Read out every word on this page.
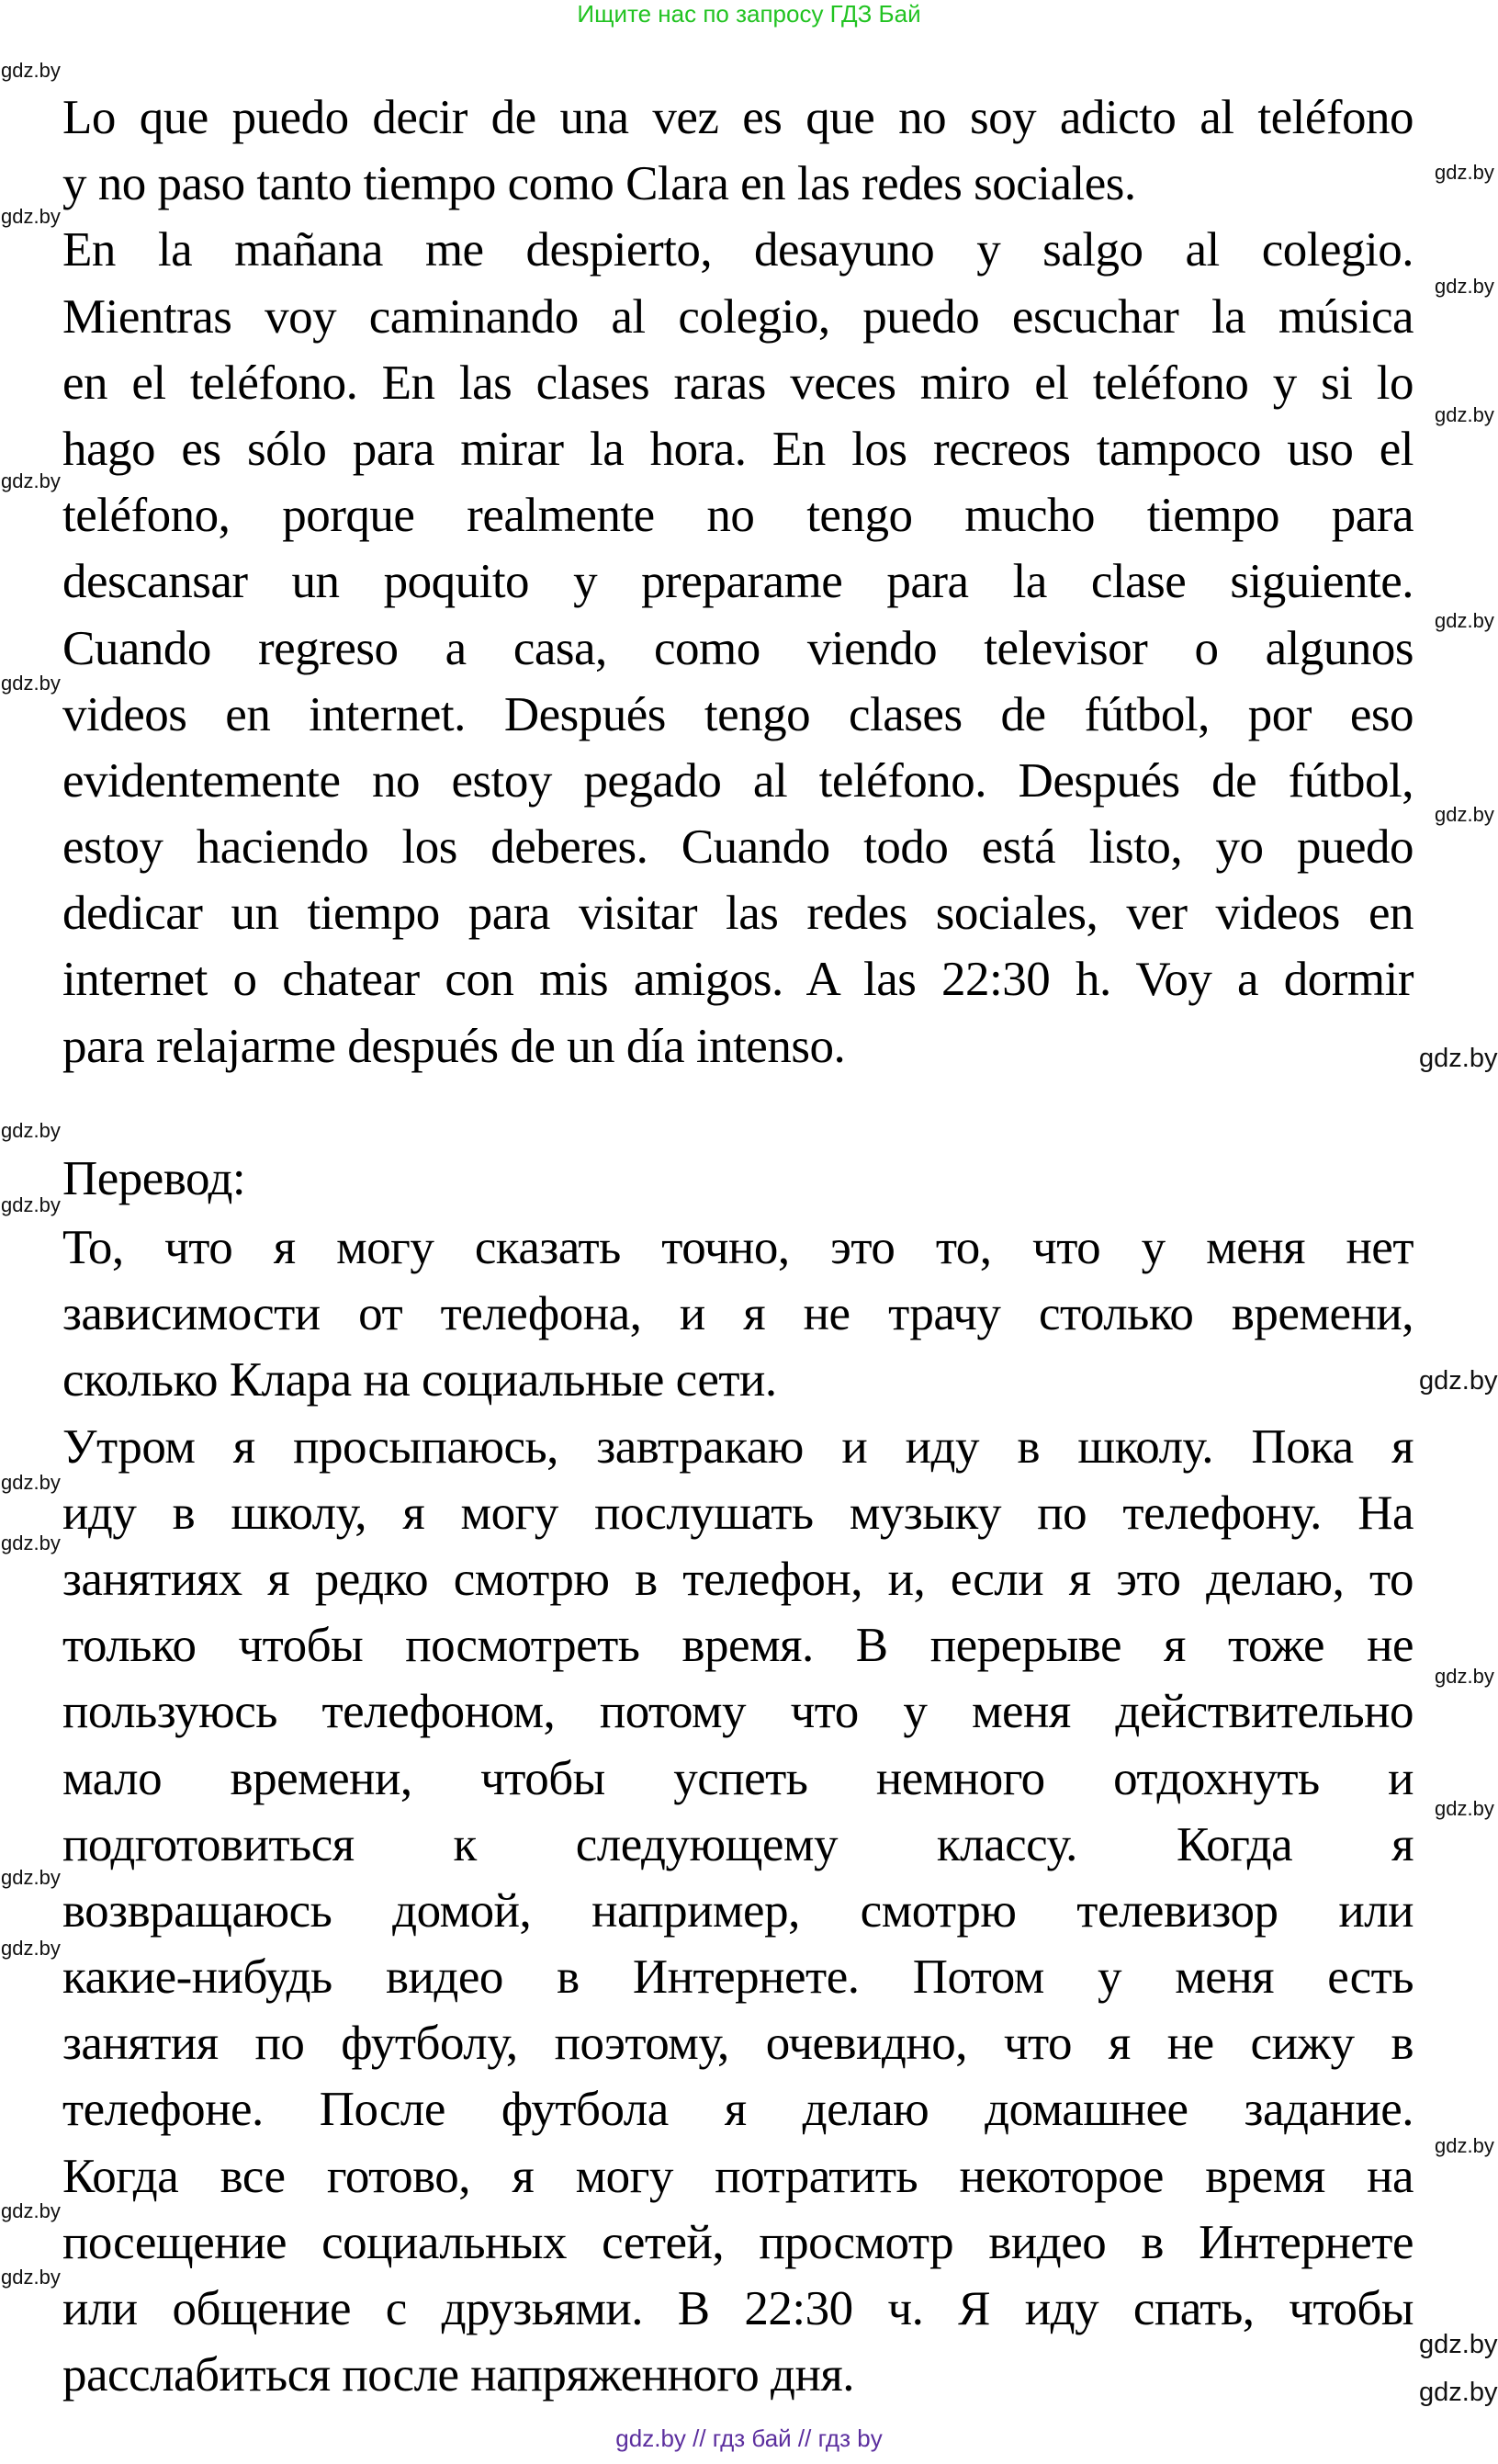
Ищите нас по запросу ГДЗ Бай
Lo que puedo decir de una vez es que no soy adicto al teléfono
y no paso tanto tiempo como Clara en las redes sociales.
En la mañana me despierto, desayuno y salgo al colegio.
Mientras voy caminando al colegio, puedo escuchar la música
en el teléfono. En las clases raras veces miro el teléfono y si lo
hago es sólo para mirar la hora. En los recreos tampoco uso el
teléfono, porque realmente no tengo mucho tiempo para
descansar un poquito y preparame para la clase siguiente.
Cuando regreso a casa, como viendo televisor o algunos
videos en internet. Después tengo clases de fútbol, por eso
evidentemente no estoy pegado al teléfono. Después de fútbol,
estoy haciendo los deberes. Cuando todo está listo, yo puedo
dedicar un tiempo para visitar las redes sociales, ver videos en
internet o chatear con mis amigos. A las 22:30 h. Voy a dormir
para relajarme después de un día intenso.
Перевод:
То, что я могу сказать точно, это то, что у меня нет
зависимости от телефона, и я не трачу столько времени,
сколько Клара на социальные сети.
Утром я просыпаюсь, завтракаю и иду в школу. Пока я
иду в школу, я могу послушать музыку по телефону. На
занятиях я редко смотрю в телефон, и, если я это делаю, то
только чтобы посмотреть время. В перерыве я тоже не
пользуюсь телефоном, потому что у меня действительно
мало времени, чтобы успеть немного отдохнуть и
подготовиться к следующему классу. Когда я
возвращаюсь домой, например, смотрю телевизор или
какие-нибудь видео в Интернете. Потом у меня есть
занятия по футболу, поэтому, очевидно, что я не сижу в
телефоне. После футбола я делаю домашнее задание.
Когда все готово, я могу потратить некоторое время на
посещение социальных сетей, просмотр видео в Интернете
или общение с друзьями. В 22:30 ч. Я иду спать, чтобы
расслабиться после напряженного дня.
gdz.by
gdz.by
gdz.by
gdz.by
gdz.by
gdz.by
gdz.by
gdz.by
gdz.by
gdz.by
gdz.by
gdz.by
gdz.by
gdz.by
gdz.by
gdz.by
gdz.by
gdz.by
gdz.by
gdz.by
gdz.by
gdz.by
gdz.by
gdz.by
gdz.by // гдз бай // гдз by
